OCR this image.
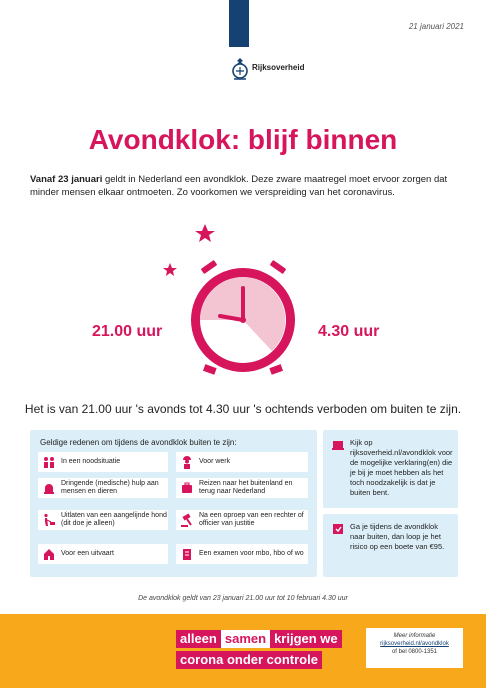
21 januari 2021
Rijksoverheid
Avondklok: blijf binnen

Vanaf 23 januari geldt in Nederland een avondklok. Deze zware maatregel moet ervoor zorgen dat minder mensen elkaar ontmoeten. Zo voorkomen we verspreiding van het coronavirus.

21.00 uur	4.30 uur
Het is van 21.00 uur 's avonds tot 4.30 uur 's ochtends verboden om buiten te zijn.
Geldige redenen om tijdens de avondklok buiten te zijn:
In een noodsituatie	Voor werk
Dringende (medische) hulp aan mensen en dieren
Reizen naar het buitenland en terug naar Nederland
Uitlaten van een aangelijnde hond (dit doe je alleen)
Na een oproep van een rechter of officier van justitie
Voor een uitvaart	Een examen voor mbo, hbo of wo
Kijk op rijksoverheid.nl/avondklok voor de mogelijke verklaring(en) die je bij je moet hebben als het toch noodzakelijk is dat je buiten bent.
Ga je tijdens de avondklok naar buiten, dan loop je het risico op een boete van €95.
De avondklok geldt van 23 januari 21.00 uur tot 10 februari 4.30 uur
alleen samen krijgen we
corona onder controle
Meer informatie
rijksoverheid.nl/avondklok
of bel 0800-1351
